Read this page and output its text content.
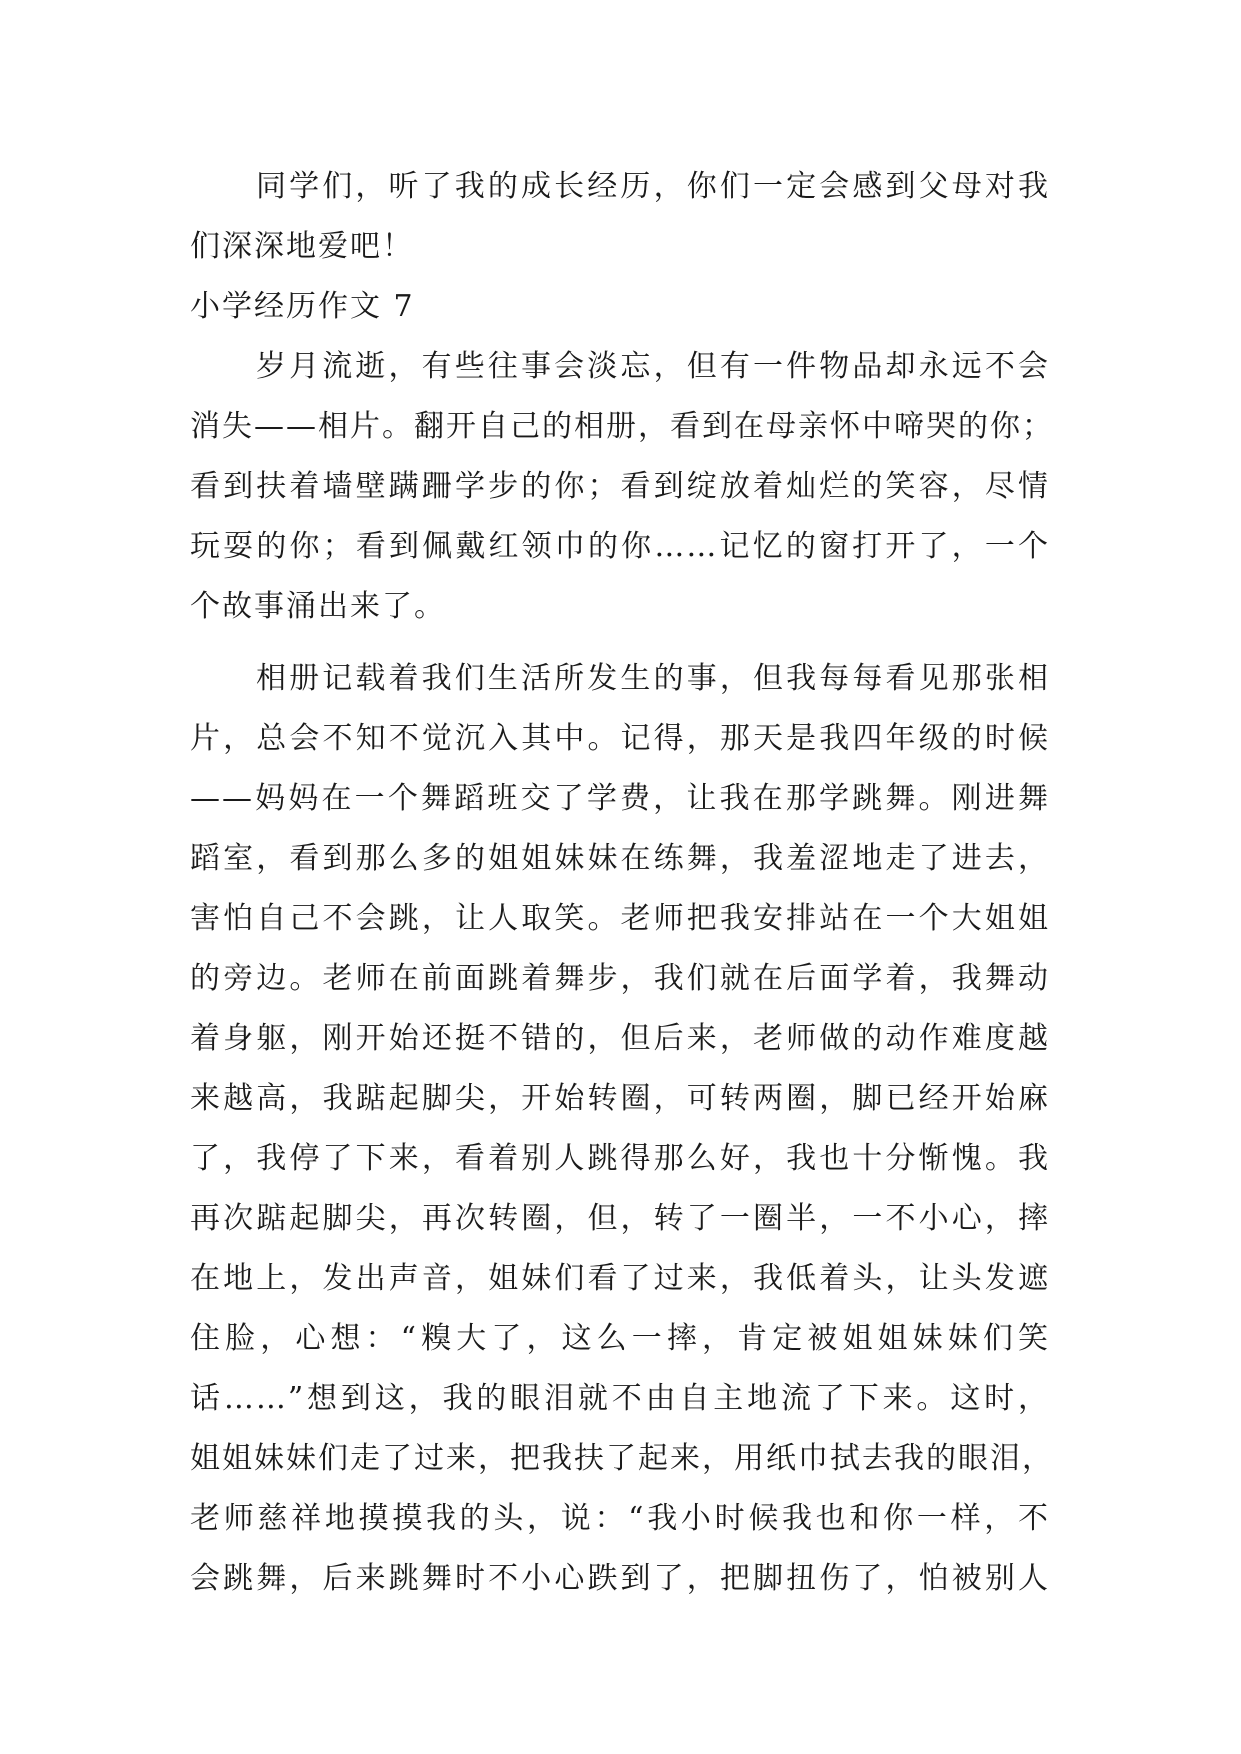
同学们，听了我的成长经历，你们一定会感到父母对我
们深深地爱吧！
小学经历作文 7
岁月流逝，有些往事会淡忘，但有一件物品却永远不会
消失——相片。翻开自己的相册，看到在母亲怀中啼哭的你；
看到扶着墙壁蹒跚学步的你；看到绽放着灿烂的笑容，尽情
玩耍的你；看到佩戴红领巾的你……记忆的窗打开了，一个
个故事涌出来了。
相册记载着我们生活所发生的事，但我每每看见那张相
片，总会不知不觉沉入其中。记得，那天是我四年级的时候
——妈妈在一个舞蹈班交了学费，让我在那学跳舞。刚进舞
蹈室，看到那么多的姐姐妹妹在练舞，我羞涩地走了进去，
害怕自己不会跳，让人取笑。老师把我安排站在一个大姐姐
的旁边。老师在前面跳着舞步，我们就在后面学着，我舞动
着身躯，刚开始还挺不错的，但后来，老师做的动作难度越
来越高，我踮起脚尖，开始转圈，可转两圈，脚已经开始麻
了，我停了下来，看着别人跳得那么好，我也十分惭愧。我
再次踮起脚尖，再次转圈，但，转了一圈半，一不小心，摔
在地上，发出声音，姐妹们看了过来，我低着头，让头发遮
住脸，心想：“糗大了，这么一摔，肯定被姐姐妹妹们笑
话……”想到这，我的眼泪就不由自主地流了下来。这时，
姐姐妹妹们走了过来，把我扶了起来，用纸巾拭去我的眼泪，
老师慈祥地摸摸我的头，说：“我小时候我也和你一样，不
会跳舞，后来跳舞时不小心跌到了，把脚扭伤了，怕被别人
